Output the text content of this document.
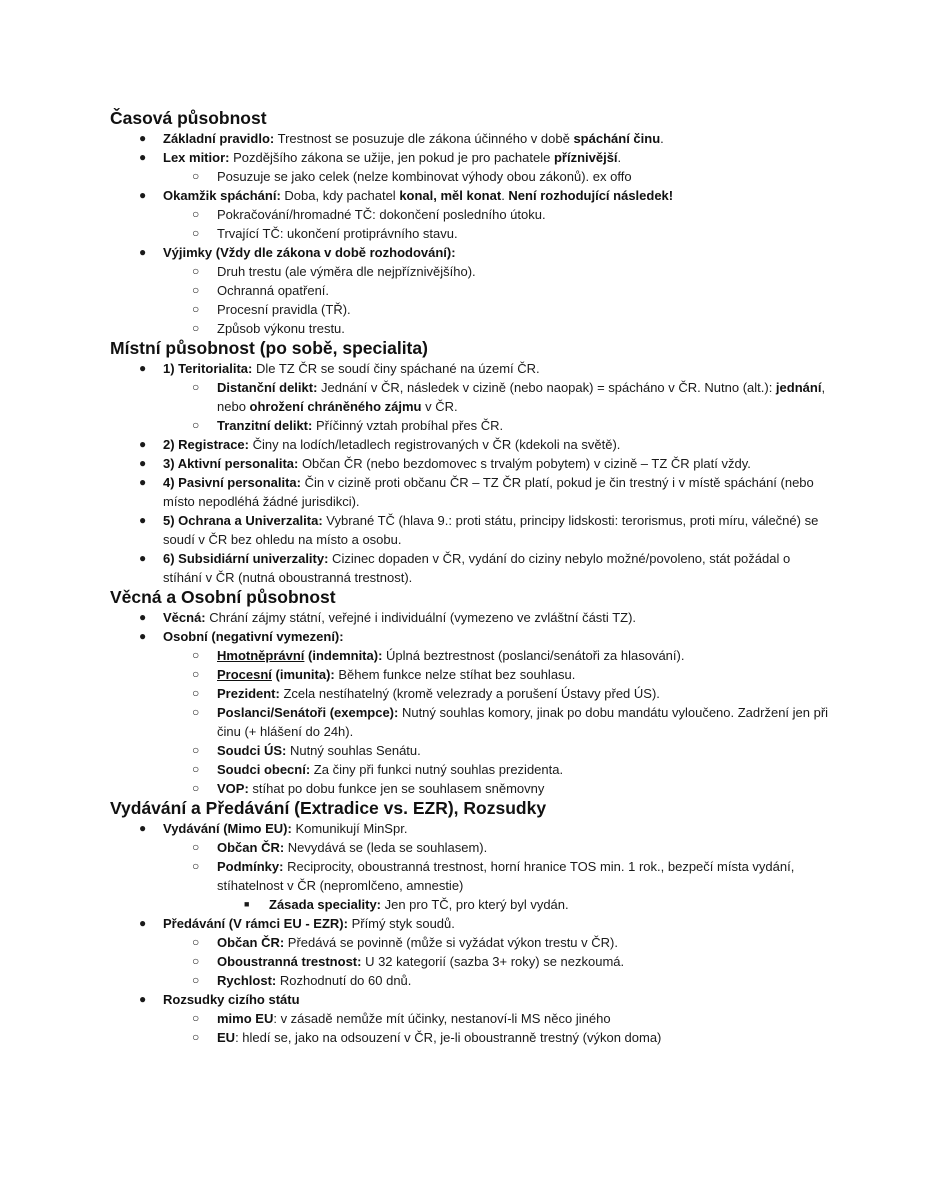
Časová působnost
● Základní pravidlo: Trestnost se posuzuje dle zákona účinného v době spáchání činu.
● Lex mitior: Pozdějšího zákona se užije, jen pokud je pro pachatele příznivější.
○ Posuzuje se jako celek (nelze kombinovat výhody obou zákonů). ex offo
● Okamžik spáchání: Doba, kdy pachatel konal, měl konat. Není rozhodující následek!
○ Pokračování/hromadné TČ: dokončení posledního útoku.
○ Trvající TČ: ukončení protiprávního stavu.
● Výjimky (Vždy dle zákona v době rozhodování):
○ Druh trestu (ale výměra dle nejpříznivějšího).
○ Ochranná opatření.
○ Procesní pravidla (TŘ).
○ Způsob výkonu trestu.
Místní působnost (po sobě, specialita)
● 1) Teritorialita: Dle TZ ČR se soudí činy spáchané na území ČR.
○ Distanční delikt: Jednání v ČR, následek v cizině (nebo naopak) = spácháno v ČR. Nutno (alt.): jednání, nebo ohrožení chráněného zájmu v ČR.
○ Tranzitní delikt: Příčinný vztah probíhal přes ČR.
● 2) Registrace: Činy na lodích/letadlech registrovaných v ČR (kdekoli na světě).
● 3) Aktivní personalita: Občan ČR (nebo bezdomovec s trvalým pobytem) v cizině – TZ ČR platí vždy.
● 4) Pasivní personalita: Čin v cizině proti občanu ČR – TZ ČR platí, pokud je čin trestný i v místě spáchání (nebo místo nepodléhá žádné jurisdikci).
● 5) Ochrana a Univerzalita: Vybrané TČ (hlava 9.: proti státu, principy lidskosti: terorismus, proti míru, válečné) se soudí v ČR bez ohledu na místo a osobu.
● 6) Subsidiární univerzality: Cizinec dopaden v ČR, vydání do ciziny nebylo možné/povoleno, stát požádal o stíhání v ČR (nutná oboustranná trestnost).
Věcná a Osobní působnost
● Věcná: Chrání zájmy státní, veřejné i individuální (vymezeno ve zvláštní části TZ).
● Osobní (negativní vymezení):
○ Hmotněprávní (indemnita): Úplná beztrestnost (poslanci/senátoři za hlasování).
○ Procesní (imunita): Během funkce nelze stíhat bez souhlasu.
○ Prezident: Zcela nestíhatelný (kromě velezrady a porušení Ústavy před ÚS).
○ Poslanci/Senátoři (exempce): Nutný souhlas komory, jinak po dobu mandátu vyloučeno. Zadržení jen při činu (+ hlášení do 24h).
○ Soudci ÚS: Nutný souhlas Senátu.
○ Soudci obecní: Za činy při funkci nutný souhlas prezidenta.
○ VOP: stíhat po dobu funkce jen se souhlasem sněmovny
Vydávání a Předávání (Extradice vs. EZR), Rozsudky
● Vydávání (Mimo EU): Komunikují MinSpr.
○ Občan ČR: Nevydává se (leda se souhlasem).
○ Podmínky: Reciprocity, oboustranná trestnost, horní hranice TOS min. 1 rok., bezpečí místa vydání, stíhatelnost v ČR (nepromlčeno, amnestie)
■ Zásada speciality: Jen pro TČ, pro který byl vydán.
● Předávání (V rámci EU - EZR): Přímý styk soudů.
○ Občan ČR: Předává se povinně (může si vyžádat výkon trestu v ČR).
○ Oboustranná trestnost: U 32 kategorií (sazba 3+ roky) se nezkoumá.
○ Rychlost: Rozhodnutí do 60 dnů.
● Rozsudky cizího státu
○ mimo EU: v zásadě nemůže mít účinky, nestanoví-li MS něco jiného
○ EU: hledí se, jako na odsouzení v ČR, je-li oboustranně trestný (výkon doma)
